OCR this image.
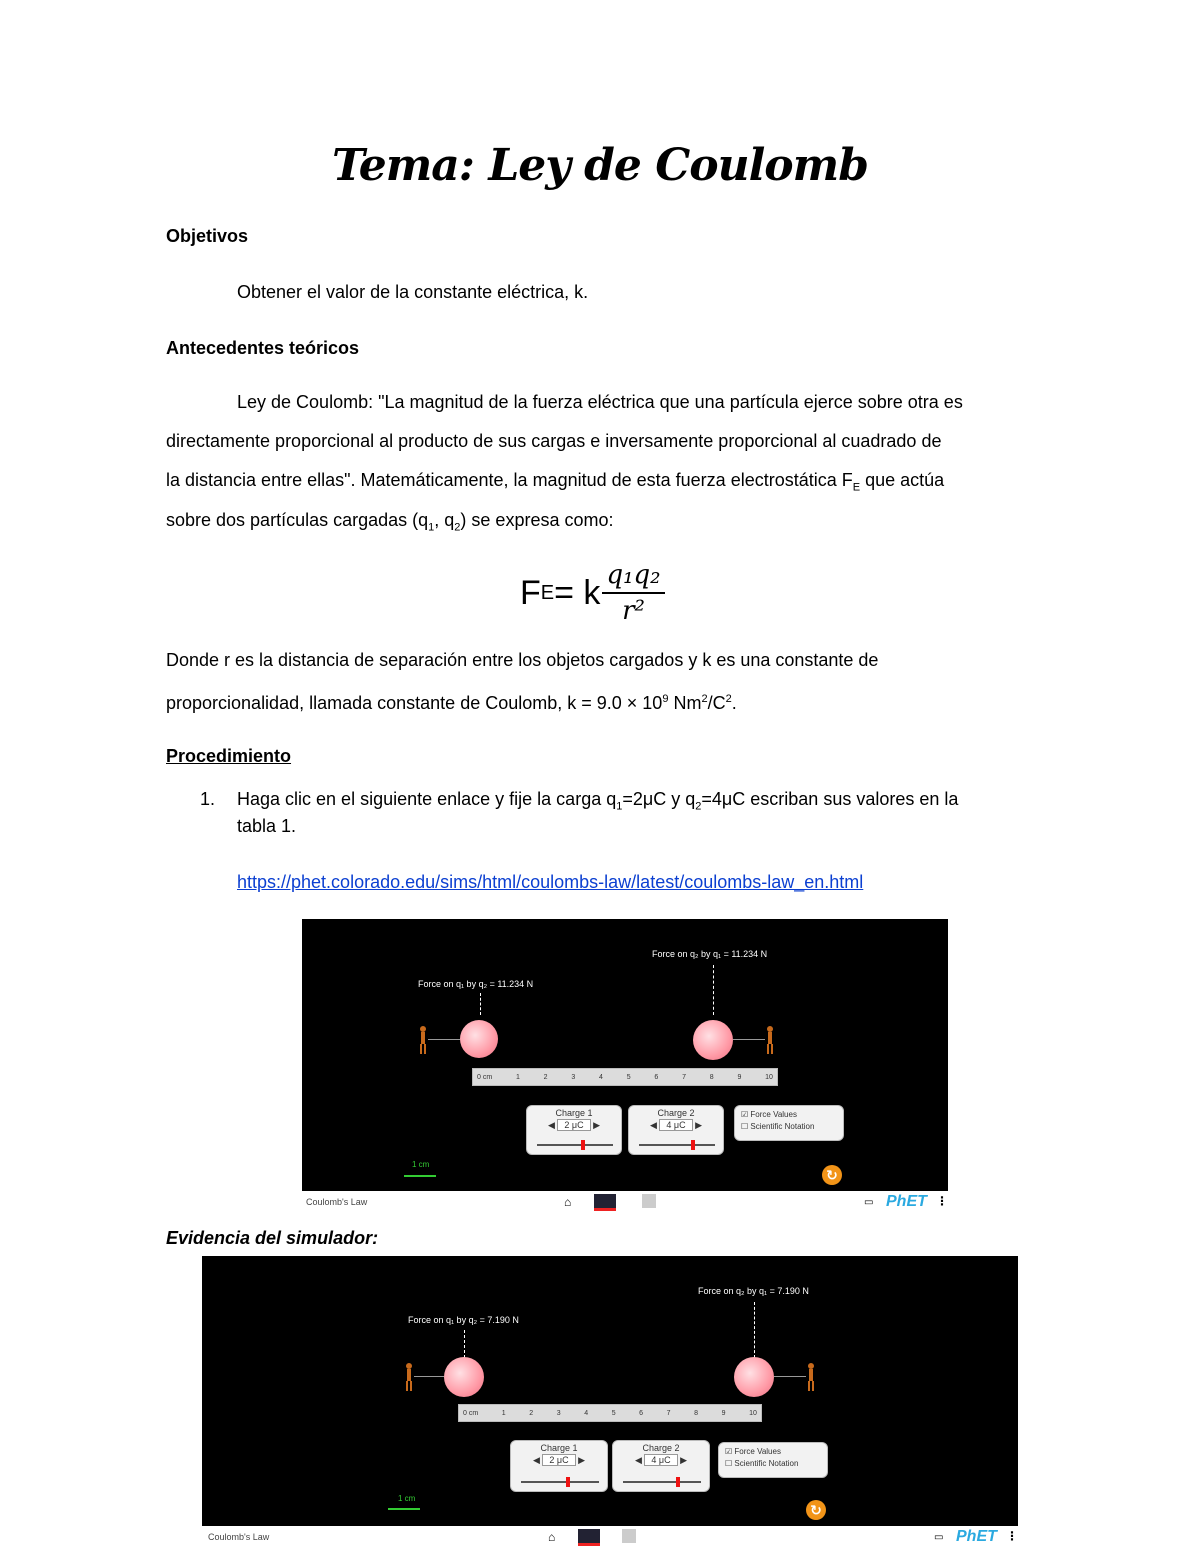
Tema: Ley de Coulomb
Objetivos
Obtener el valor de la constante eléctrica, k.
Antecedentes teóricos
Ley de Coulomb: "La magnitud de la fuerza eléctrica que una partícula ejerce sobre otra es
directamente proporcional al producto de sus cargas e inversamente proporcional al cuadrado de
la distancia entre ellas". Matemáticamente, la magnitud de esta fuerza electrostática $F_E$ que actúa
sobre dos partículas cargadas ($q_1$, $q_2$) se expresa como:
F E = k $\frac{\text{q₁q₂}}{\text{r²}}$
Donde r es la distancia de separación entre los objetos cargados y k es una constante de
proporcionalidad, llamada constante de Coulomb, $k = 9.0 \times 10^9$ $Nm^2/C^2$.
Procedimiento
1. Haga clic en el siguiente enlace y fije la carga $q_1=2\mu C$ y $q_2=4\mu C$ escriban sus valores en la
tabla 1.
https://phet.colorado.edu/sims/html/coulombs-law/latest/coulombs-law_en.html
Force on q₂ by q₁ = 11.234 N
Force on q₁ by q₂ = 11.234 N
0 cm	1	2	3	4	5	6	7	8	9	10
Charge 1
◀ 2 μC ▶
Charge 2
◀ 4 μC ▶
☑ Force Values
☐ Scientific Notation
1 cm
↻
Coulomb's Law	⌂	▭ PhET ⋮
Evidencia del simulador:
Force on q₂ by q₁ = 7.190 N
Force on q₁ by q₂ = 7.190 N
0 cm	1	2	3	4	5	6	7	8	9	10
Charge 1
◀ 2 μC ▶
Charge 2
◀ 4 μC ▶
☑ Force Values
☐ Scientific Notation
1 cm
↻
Coulomb's Law	⌂	▭ PhET ⋮
